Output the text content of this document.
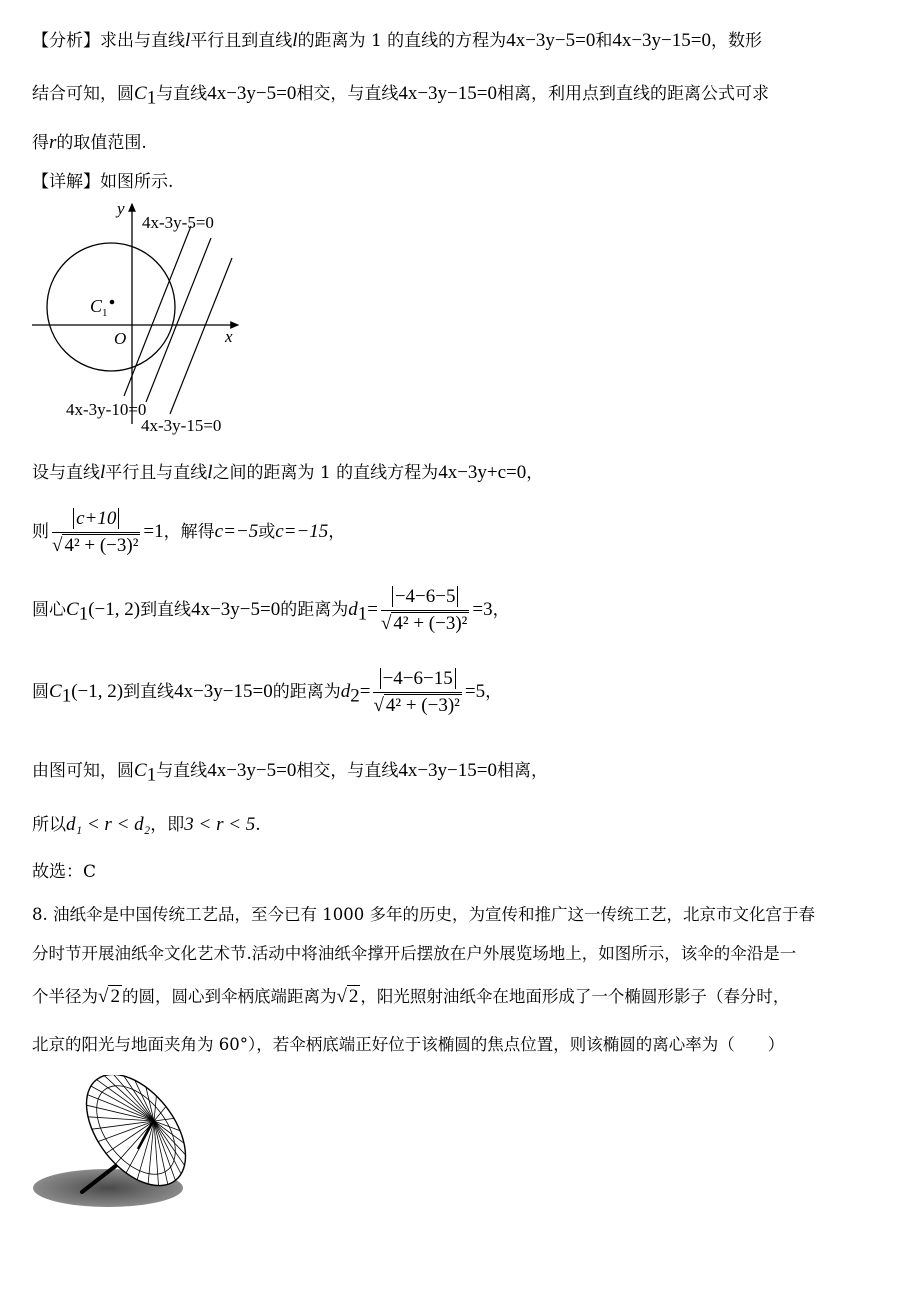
【分析】求出与直线l平行且到直线l的距离为 1 的直线的方程为4x−3y−5=0和4x−3y−15=0，数形
结合可知，圆$C_1$与直线4x−3y−5=0相交，与直线4x−3y−15=0相离，利用点到直线的距离公式可求
得r的取值范围.
【详解】如图所示.
y
x
O
$C_1$
4x-3y-5=0
4x-3y-10=0
4x-3y-15=0
设与直线l平行且与直线l之间的距离为 1 的直线方程为4x−3y+c=0，
则 $\frac{c+10}{\text{√ 4² + (−3)²}} =1$，解得c=−5或c=−15，
圆心$C_1(-1$, 2)到直线4x−3y−5=0的距离为$d_1= \frac{-4-6-5}{\text{√ 4² + (−3)²}} =3$，
圆$C_1(-1$, 2)到直线4x−3y−15=0的距离为$d_2= \frac{-4-6-15}{\text{√ 4² + (−3)²}} =5$，
由图可知，圆$C_1$与直线4x−3y−5=0相交，与直线4x−3y−15=0相离，
所以d₁ < r < d₂，即3 < r < 5.
故选：C
8. 油纸伞是中国传统工艺品，至今已有 1000 多年的历史，为宣传和推广这一传统工艺，北京市文化宫于春
分时节开展油纸伞文化艺术节.活动中将油纸伞撑开后摆放在户外展览场地上，如图所示，该伞的伞沿是一
个半径为√ 2 的圆，圆心到伞柄底端距离为√ 2 ，阳光照射油纸伞在地面形成了一个椭圆形影子（春分时，
北京的阳光与地面夹角为 60°），若伞柄底端正好位于该椭圆的焦点位置，则该椭圆的离心率为（　　）
